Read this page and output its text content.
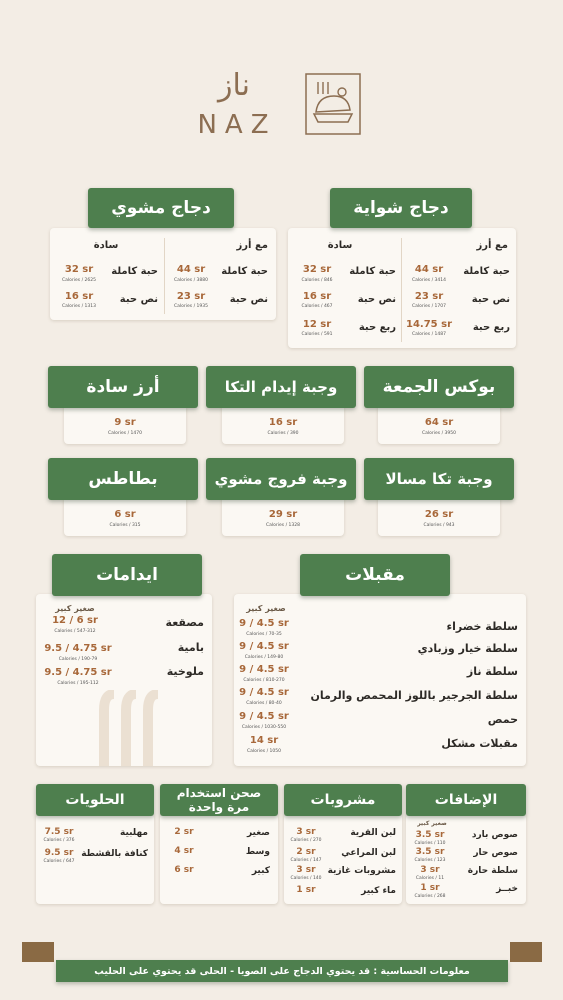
ناز
NAZ
دجاج شواية
مع أرز
سادة
حبة كاملة
44 sr
Calories / 3414
نص حبة
23 sr
Calories / 1707
ربع حبة
14.75 sr
Calories / 1487
حبة كاملة
32 sr
Calories / 846
نص حبة
16 sr
Calories / 467
ربع حبة
12 sr
Calories / 591
دجاج مشوي
مع أرز
سادة
حبة كاملة
44 sr
Calories / 3880
نص حبة
23 sr
Calories / 1935
حبة كاملة
32 sr
Calories / 2625
نص حبة
16 sr
Calories / 1313
بوكس الجمعة
64 sr
Calories / 3950
وجبة إيدام التكا
16 sr
Calories / 390
أرز سادة
9 sr
Calories / 1470
وجبة تكا مسالا
26 sr
Calories / 943
وجبة فروج مشوي
29 sr
Calories / 1328
بطاطس
6 sr
Calories / 315
مقبلات
صغير كبير
سلطة خضراء
9 / 4.5 sr
Calories / 70-35
سلطة خيار وزبادي
9 / 4.5 sr
Calories / 149-80
سلطة ناز
9 / 4.5 sr
Calories / 810-270
سلطة الجرجير باللوز المحمص والرمان
9 / 4.5 sr
Calories / 80-40
حمص
9 / 4.5 sr
Calories / 1030-550
مقبلات مشكل
14 sr
Calories / 1050
ايدامات
صغير كبير
مصقعة
12 / 6 sr
Calories / 547-312
بامية
9.5 / 4.75 sr
Calories / 190-79
ملوخية
9.5 / 4.75 sr
Calories / 195-112
الإضافات
صغير كبير
صوص بارد
3.5 sr
Calories / 110
صوص حار
3.5 sr
Calories / 123
سلطة حارة
3 sr
Calories / 11
خبــز
1 sr
Calories / 268
مشروبات
لبن القرية
3 sr
Calories / 270
لبن المراعي
2 sr
Calories / 147
مشروبات غازية
3 sr
Calories / 140
ماء كبير
1 sr
صحن استخدام
مرة واحدة
صغير
2 sr
وسط
4 sr
كبير
6 sr
الحلويات
مهلبية
7.5 sr
Calories / 376
كنافة بالقشطة
9.5 sr
Calories / 647
معلومات الحساسية : قد يحتوي الدجاج على الصويا - الحلى قد يحتوي على الحليب
